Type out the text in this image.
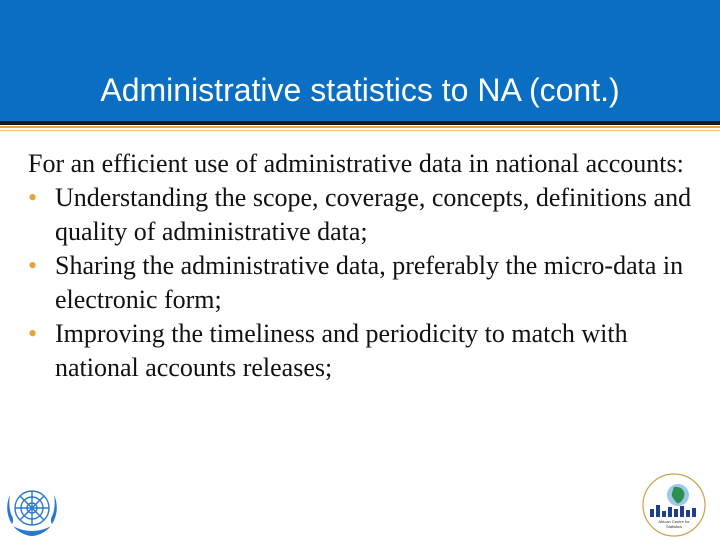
Administrative statistics to NA (cont.)

For an efficient use of administrative data in national accounts:

• Understanding the scope, coverage, concepts, definitions and quality of administrative data;
• Sharing the administrative data, preferably the micro-data in electronic form;
• Improving the timeliness and periodicity to match with national accounts releases;
African Centre for
Statistics
